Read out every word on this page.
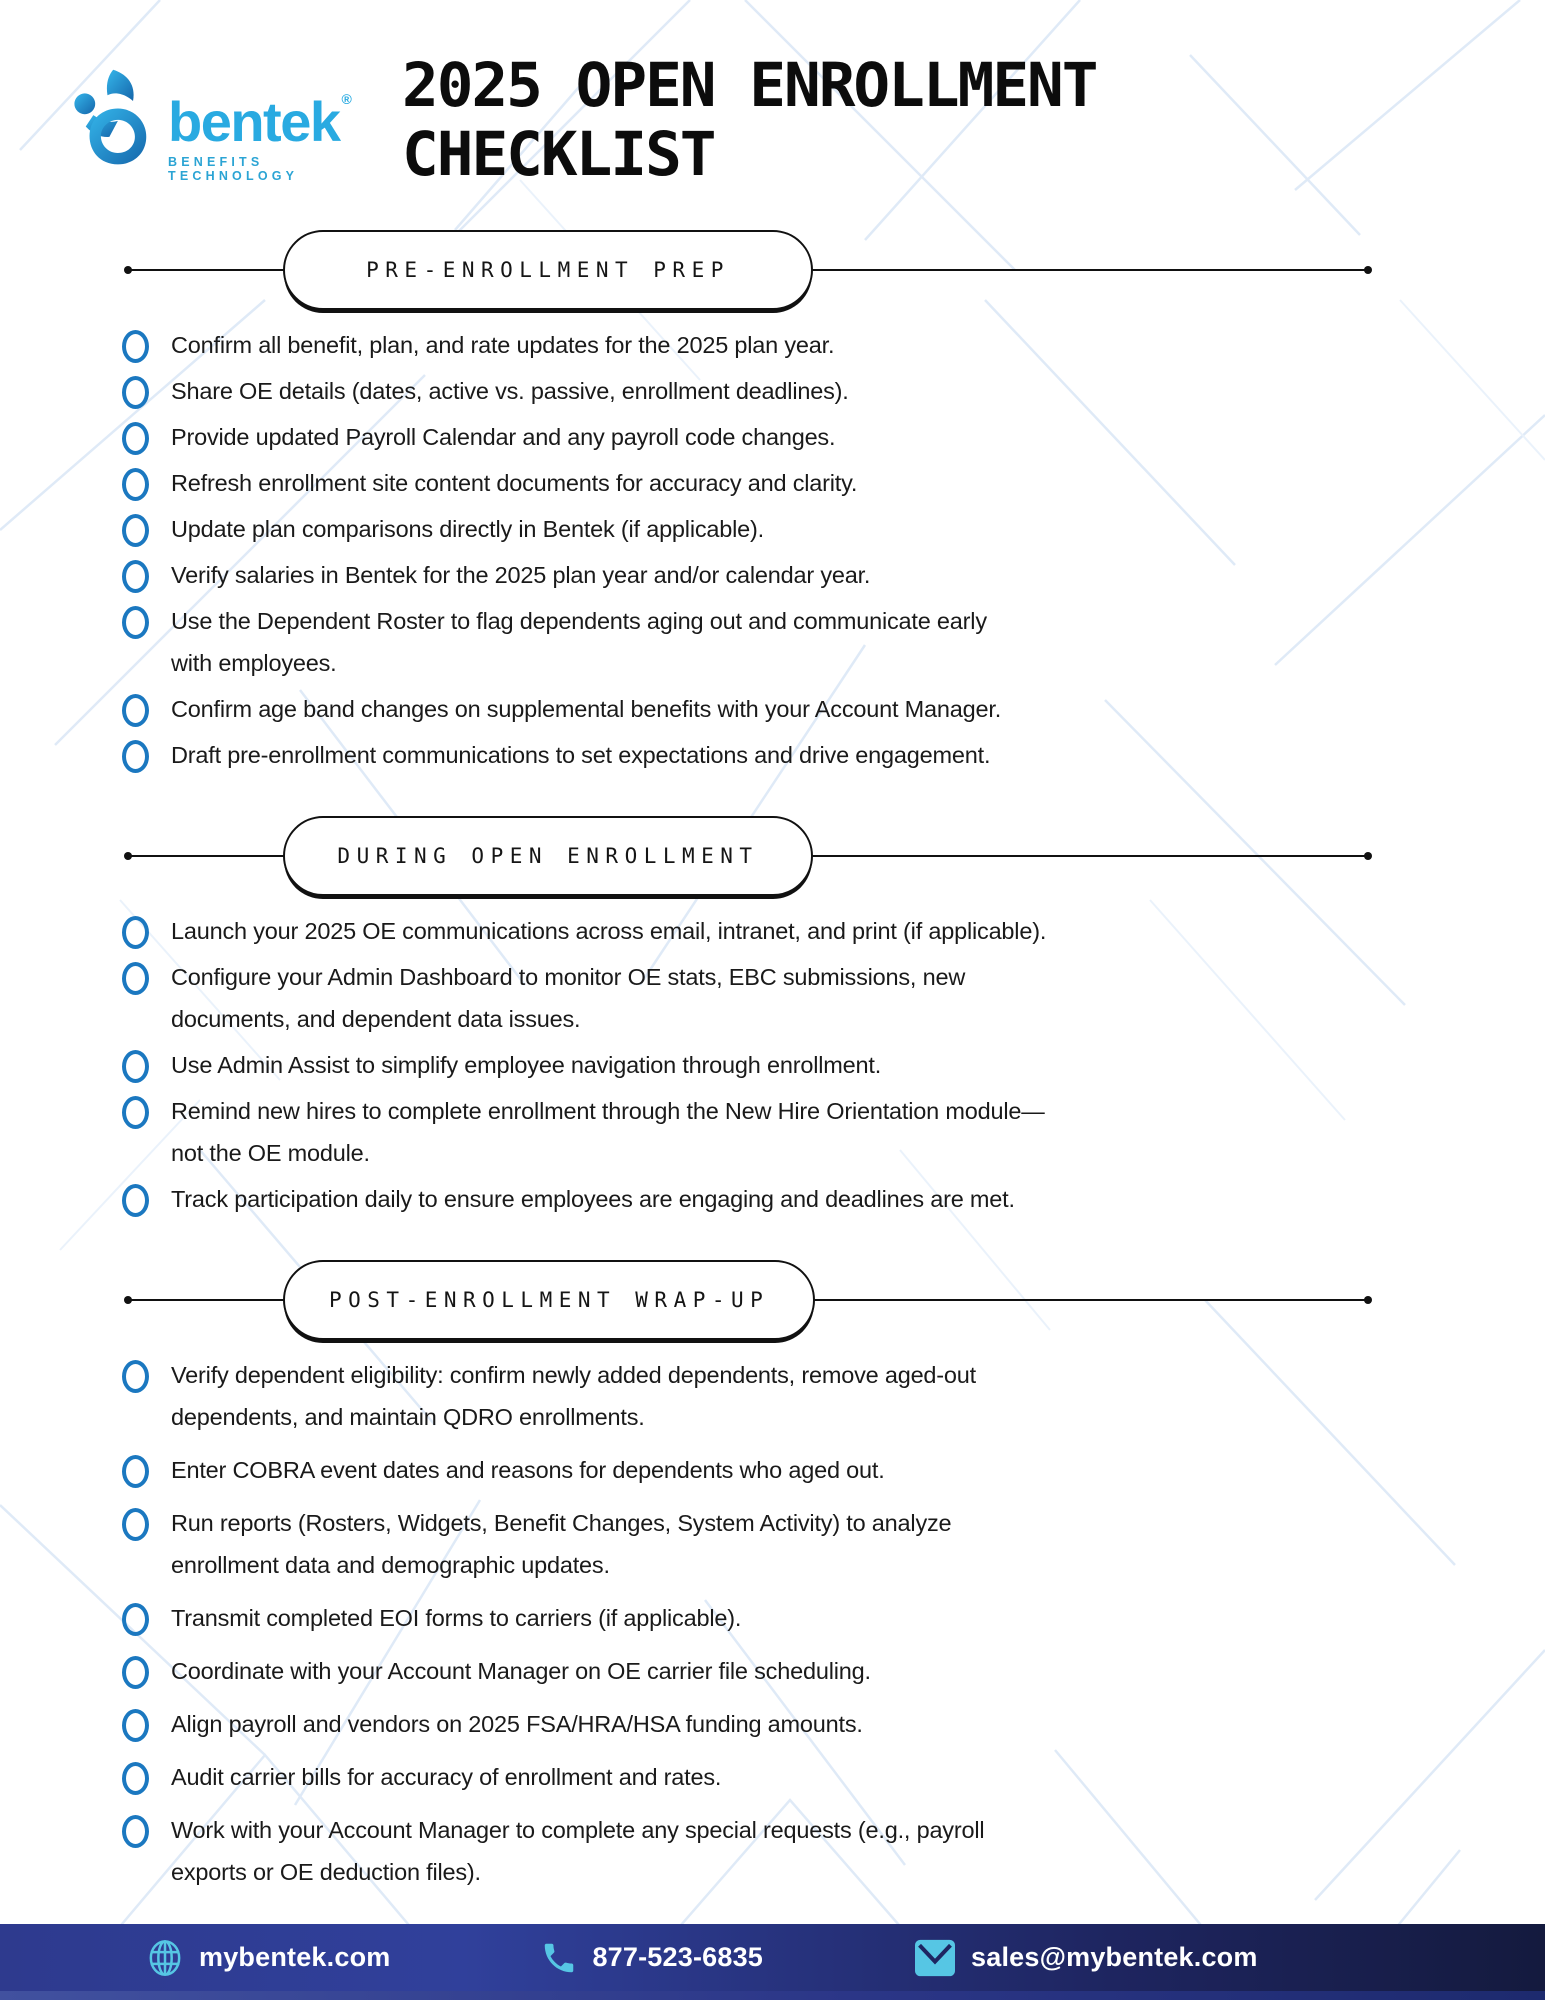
bentek ®
BENEFITS TECHNOLOGY
2025 OPEN ENROLLMENT
CHECKLIST
PRE-ENROLLMENT PREP
Confirm all benefit, plan, and rate updates for the 2025 plan year.
Share OE details (dates, active vs. passive, enrollment deadlines).
Provide updated Payroll Calendar and any payroll code changes.
Refresh enrollment site content documents for accuracy and clarity.
Update plan comparisons directly in Bentek (if applicable).
Verify salaries in Bentek for the 2025 plan year and/or calendar year.
Use the Dependent Roster to flag dependents aging out and communicate early
with employees.
Confirm age band changes on supplemental benefits with your Account Manager.
Draft pre-enrollment communications to set expectations and drive engagement.
DURING OPEN ENROLLMENT
Launch your 2025 OE communications across email, intranet, and print (if applicable).
Configure your Admin Dashboard to monitor OE stats, EBC submissions, new
documents, and dependent data issues.
Use Admin Assist to simplify employee navigation through enrollment.
Remind new hires to complete enrollment through the New Hire Orientation module—
not the OE module.
Track participation daily to ensure employees are engaging and deadlines are met.
POST-ENROLLMENT WRAP-UP
Verify dependent eligibility: confirm newly added dependents, remove aged-out
dependents, and maintain QDRO enrollments.
Enter COBRA event dates and reasons for dependents who aged out.
Run reports (Rosters, Widgets, Benefit Changes, System Activity) to analyze
enrollment data and demographic updates.
Transmit completed EOI forms to carriers (if applicable).
Coordinate with your Account Manager on OE carrier file scheduling.
Align payroll and vendors on 2025 FSA/HRA/HSA funding amounts.
Audit carrier bills for accuracy of enrollment and rates.
Work with your Account Manager to complete any special requests (e.g., payroll
exports or OE deduction files).
mybentek.com	877-523-6835	sales@mybentek.com
